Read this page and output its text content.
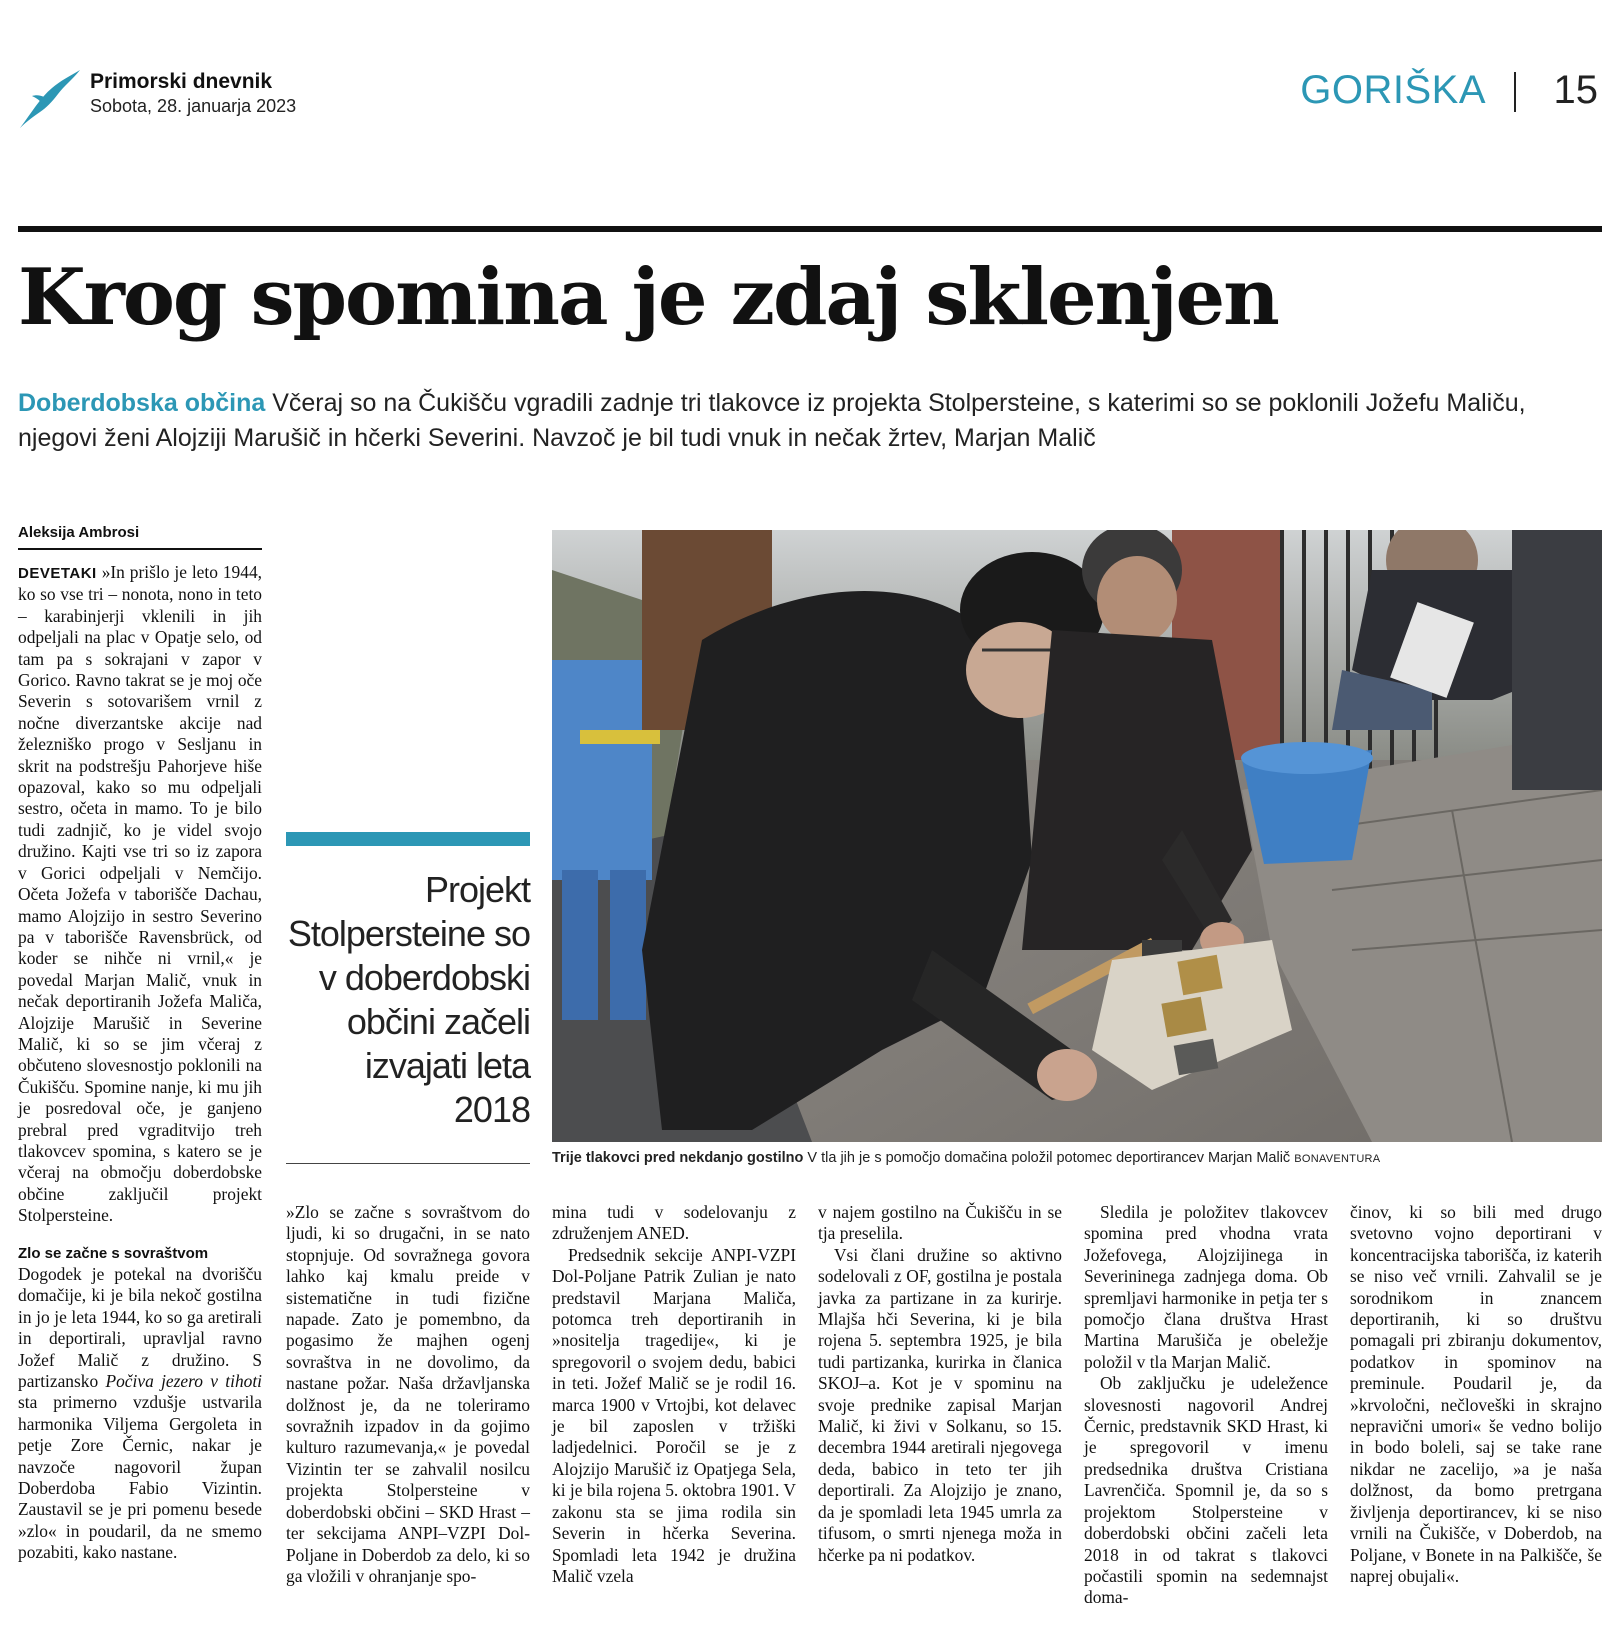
Primorski dnevnik
Sobota, 28. januarja 2023	GORIŠKA 15
Krog spomina je zdaj sklenjen
Doberdobska občina Včeraj so na Čukišču vgradili zadnje tri tlakovce iz projekta Stolpersteine, s katerimi so se poklonili Jožefu Maliču, njegovi ženi Alojziji Marušič in hčerki Severini. Navzoč je bil tudi vnuk in nečak žrtev, Marjan Malič
Aleksija Ambrosi

DEVETAKI »In prišlo je leto 1944, ko so vse tri – nonota, nono in teto – karabinjerji vklenili in jih odpeljali na plac v Opatje selo, od tam pa s sokrajani v zapor v Gorico. Ravno takrat se je moj oče Severin s sotovarišem vrnil z nočne diverzantske akcije nad železniško progo v Sesljanu in skrit na podstrešju Pahorjeve hiše opazoval, kako so mu odpeljali sestro, očeta in mamo. To je bilo tudi zadnjič, ko je videl svojo družino. Kajti vse tri so iz zapora v Gorici odpeljali v Nemčijo. Očeta Jožefa v taborišče Dachau, mamo Alojzijo in sestro Severino pa v taborišče Ravensbrück, od koder se nihče ni vrnil,« je povedal Marjan Malič, vnuk in nečak deportiranih Jožefa Maliča, Alojzije Marušič in Severine Malič, ki so se jim včeraj z občuteno slovesnostjo poklonili na Čukišču. Spomine nanje, ki mu jih je posredoval oče, je ganjeno prebral pred vgraditvijo treh tlakovcev spomina, s katero se je včeraj na območju doberdobske občine zaključil projekt Stolpersteine.

Zlo se začne s sovraštvom

Dogodek je potekal na dvorišču domačije, ki je bila nekoč gostilna in jo je leta 1944, ko so ga aretirali in deportirali, upravljal ravno Jožef Malič z družino. S partizansko Počiva jezero v tihoti sta primerno vzdušje ustvarila harmonika Viljema Gergoleta in petje Zore Černic, nakar je navzoče nagovoril župan Doberdoba Fabio Vizintin. Zaustavil se je pri pomenu besede »zlo« in poudaril, da ne smemo pozabiti, kako nastane.

Projekt Stolpersteine so v doberdobski občini začeli izvajati leta 2018
Trije tlakovci pred nekdanjo gostilno V tla jih je s pomočjo domačina položil potomec deportirancev Marjan Malič BONAVENTURA

»Zlo se začne s sovraštvom do ljudi, ki so drugačni, in se nato stopnjuje. Od sovražnega govora lahko kaj kmalu preide v sistematične in tudi fizične napade. Zato je pomembno, da pogasimo že majhen ogenj sovraštva in ne dovolimo, da nastane požar. Naša državljanska dolžnost je, da ne toleriramo sovražnih izpadov in da gojimo kulturo razumevanja,« je povedal Vizintin ter se zahvalil nosilcu projekta Stolpersteine v doberdobski občini – SKD Hrast – ter sekcijama ANPI–VZPI Dol-Poljane in Doberdob za delo, ki so ga vložili v ohranjanje spo-

mina tudi v sodelovanju z združenjem ANED.

Predsednik sekcije ANPI-VZPI Dol-Poljane Patrik Zulian je nato predstavil Marjana Maliča, potomca treh deportiranih in »nositelja tragedije«, ki je spregovoril o svojem dedu, babici in teti. Jožef Malič se je rodil 16. marca 1900 v Vrtojbi, kot delavec je bil zaposlen v tržiški ladjedelnici. Poročil se je z Alojzijo Marušič iz Opatjega Sela, ki je bila rojena 5. oktobra 1901. V zakonu sta se jima rodila sin Severin in hčerka Severina. Spomladi leta 1942 je družina Malič vzela

v najem gostilno na Čukišču in se tja preselila.

Vsi člani družine so aktivno sodelovali z OF, gostilna je postala javka za partizane in za kurirje. Mlajša hči Severina, ki je bila rojena 5. septembra 1925, je bila tudi partizanka, kurirka in članica SKOJ–a. Kot je v spominu na svoje prednike zapisal Marjan Malič, ki živi v Solkanu, so 15. decembra 1944 aretirali njegovega deda, babico in teto ter jih deportirali. Za Alojzijo je znano, da je spomladi leta 1945 umrla za tifusom, o smrti njenega moža in hčerke pa ni podatkov.

Sledila je položitev tlakovcev spomina pred vhodna vrata Jožefovega, Alojzijinega in Severininega zadnjega doma. Ob spremljavi harmonike in petja ter s pomočjo člana društva Hrast Martina Marušiča je obeležje položil v tla Marjan Malič.

Ob zaključku je udeležence slovesnosti nagovoril Andrej Černic, predstavnik SKD Hrast, ki je spregovoril v imenu predsednika društva Cristiana Lavrenčiča. Spomnil je, da so s projektom Stolpersteine v doberdobski občini začeli leta 2018 in od takrat s tlakovci počastili spomin na sedemnajst doma-

činov, ki so bili med drugo svetovno vojno deportirani v koncentracijska taborišča, iz katerih se niso več vrnili. Zahvalil se je sorodnikom in znancem deportiranih, ki so društvu pomagali pri zbiranju dokumentov, podatkov in spominov na preminule. Poudaril je, da »krvoločni, nečloveški in skrajno nepravični umori« še vedno bolijo in bodo boleli, saj se take rane nikdar ne zacelijo, »a je naša dolžnost, da bomo pretrgana življenja deportirancev, ki se niso vrnili na Čukišče, v Doberdob, na Poljane, v Bonete in na Palkišče, še naprej obujali«.
